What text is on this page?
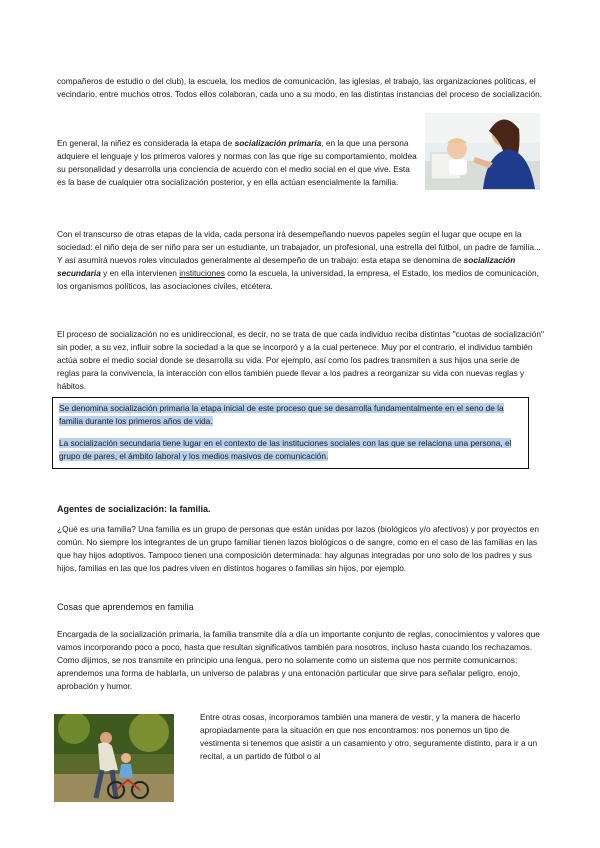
compañeros de estudio o del club), la escuela, los medios de comunicación, las iglesias, el trabajo, las organizaciones políticas, el vecindario, entre muchos otros. Todos ellos colaboran, cada uno a su modo, en las distintas instancias del proceso de socialización.

En general, la niñez es considerada la etapa de socialización primaria, en la que una persona adquiere el lenguaje y los primeros valores y normas con las que rige su comportamiento, moldea su personalidad y desarrolla una conciencia de acuerdo con el medio social en el que vive. Esta es la base de cualquier otra socialización posterior, y en ella actúan esencialmente la familia.

Con el transcurso de otras etapas de la vida, cada persona irá desempeñando nuevos papeles según el lugar que ocupe en la sociedad: el niño deja de ser niño para ser un estudiante, un trabajador, un profesional, una estrella del fútbol, un padre de familia... Y así asumirá nuevos roles vinculados generalmente al desempeño de un trabajo: esta etapa se denomina de socialización secundaria y en ella intervienen instituciones como la escuela, la universidad, la empresa, el Estado, los medios de comunicación, los organismos políticos, las asociaciones civiles, etcétera.

El proceso de socialización no es unidireccional, es decir, no se trata de que cada individuo reciba distintas "cuotas de socialización" sin poder, a su vez, influir sobre la sociedad a la que se incorporó y a la cual pertenece. Muy por el contrario, el individuo también actúa sobre el medio social donde se desarrolla su vida. Por ejemplo, así como los padres transmiten a sus hijos una serie de reglas para la convivencia, la interacción con ellos también puede llevar a los padres a reorganizar su vida con nuevas reglas y hábitos.

Se denomina socialización primaria la etapa inicial de este proceso que se desarrolla fundamentalmente en el seno de la familia durante los primeros años de vida.

La socialización secundaria tiene lugar en el contexto de las instituciones sociales con las que se relaciona una persona, el grupo de pares, el ámbito laboral y los medios masivos de comunicación.

Agentes de socialización: la familia.

¿Qué es una familia? Una familia es un grupo de personas que están unidas por lazos (biológicos y/o afectivos) y por proyectos en común. No siempre los integrantes de un grupo familiar tienen lazos biológicos o de sangre, como en el caso de las familias en las que hay hijos adoptivos. Tampoco tienen una composición determinada: hay algunas integradas por uno solo de los padres y sus hijos, familias en las que los padres viven en distintos hogares o familias sin hijos, por ejemplo.

Cosas que aprendemos en familia

Encargada de la socialización primaria, la familia transmite día a día un importante conjunto de reglas, conocimientos y valores que vamos incorporando poco a poco, hasta que resultan significativos también para nosotros, incluso hasta cuando los rechazamos. Como dijimos, se nos transmite en principio una lengua, pero no solamente como un sistema que nos permite comunicarnos: aprendemos una forma de hablarla, un universo de palabras y una entonación particular que sirve para señalar peligro, enojo, aprobación y humor.

Entre otras cosas, incorporamos también una manera de vestir, y la manera de hacerlo apropiadamente para la situación en que nos encontramos: nos ponemos un tipo de vestimenta si tenemos que asistir a un casamiento y otro, seguramente distinto, para ir a un recital, a un partido de fútbol o al
